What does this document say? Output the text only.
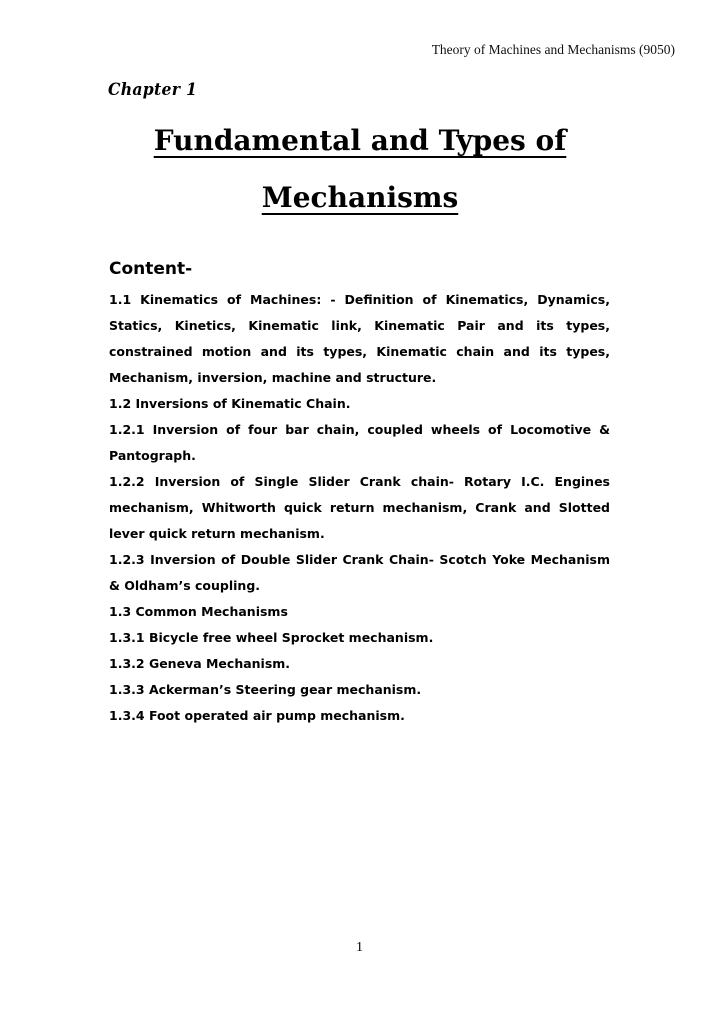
Theory of Machines and Mechanisms (9050)
Chapter 1
Fundamental and Types of
Mechanisms
Content-

1.1 Kinematics of Machines: - Definition of Kinematics, Dynamics, Statics, Kinetics, Kinematic link, Kinematic Pair and its types, constrained motion and its types, Kinematic chain and its types, Mechanism, inversion, machine and structure.

1.2 Inversions of Kinematic Chain.

1.2.1 Inversion of four bar chain, coupled wheels of Locomotive & Pantograph.

1.2.2 Inversion of Single Slider Crank chain- Rotary I.C. Engines mechanism, Whitworth quick return mechanism, Crank and Slotted lever quick return mechanism.

1.2.3 Inversion of Double Slider Crank Chain- Scotch Yoke Mechanism & Oldham’s coupling.

1.3 Common Mechanisms

1.3.1 Bicycle free wheel Sprocket mechanism.

1.3.2 Geneva Mechanism.

1.3.3 Ackerman’s Steering gear mechanism.

1.3.4 Foot operated air pump mechanism.

1
